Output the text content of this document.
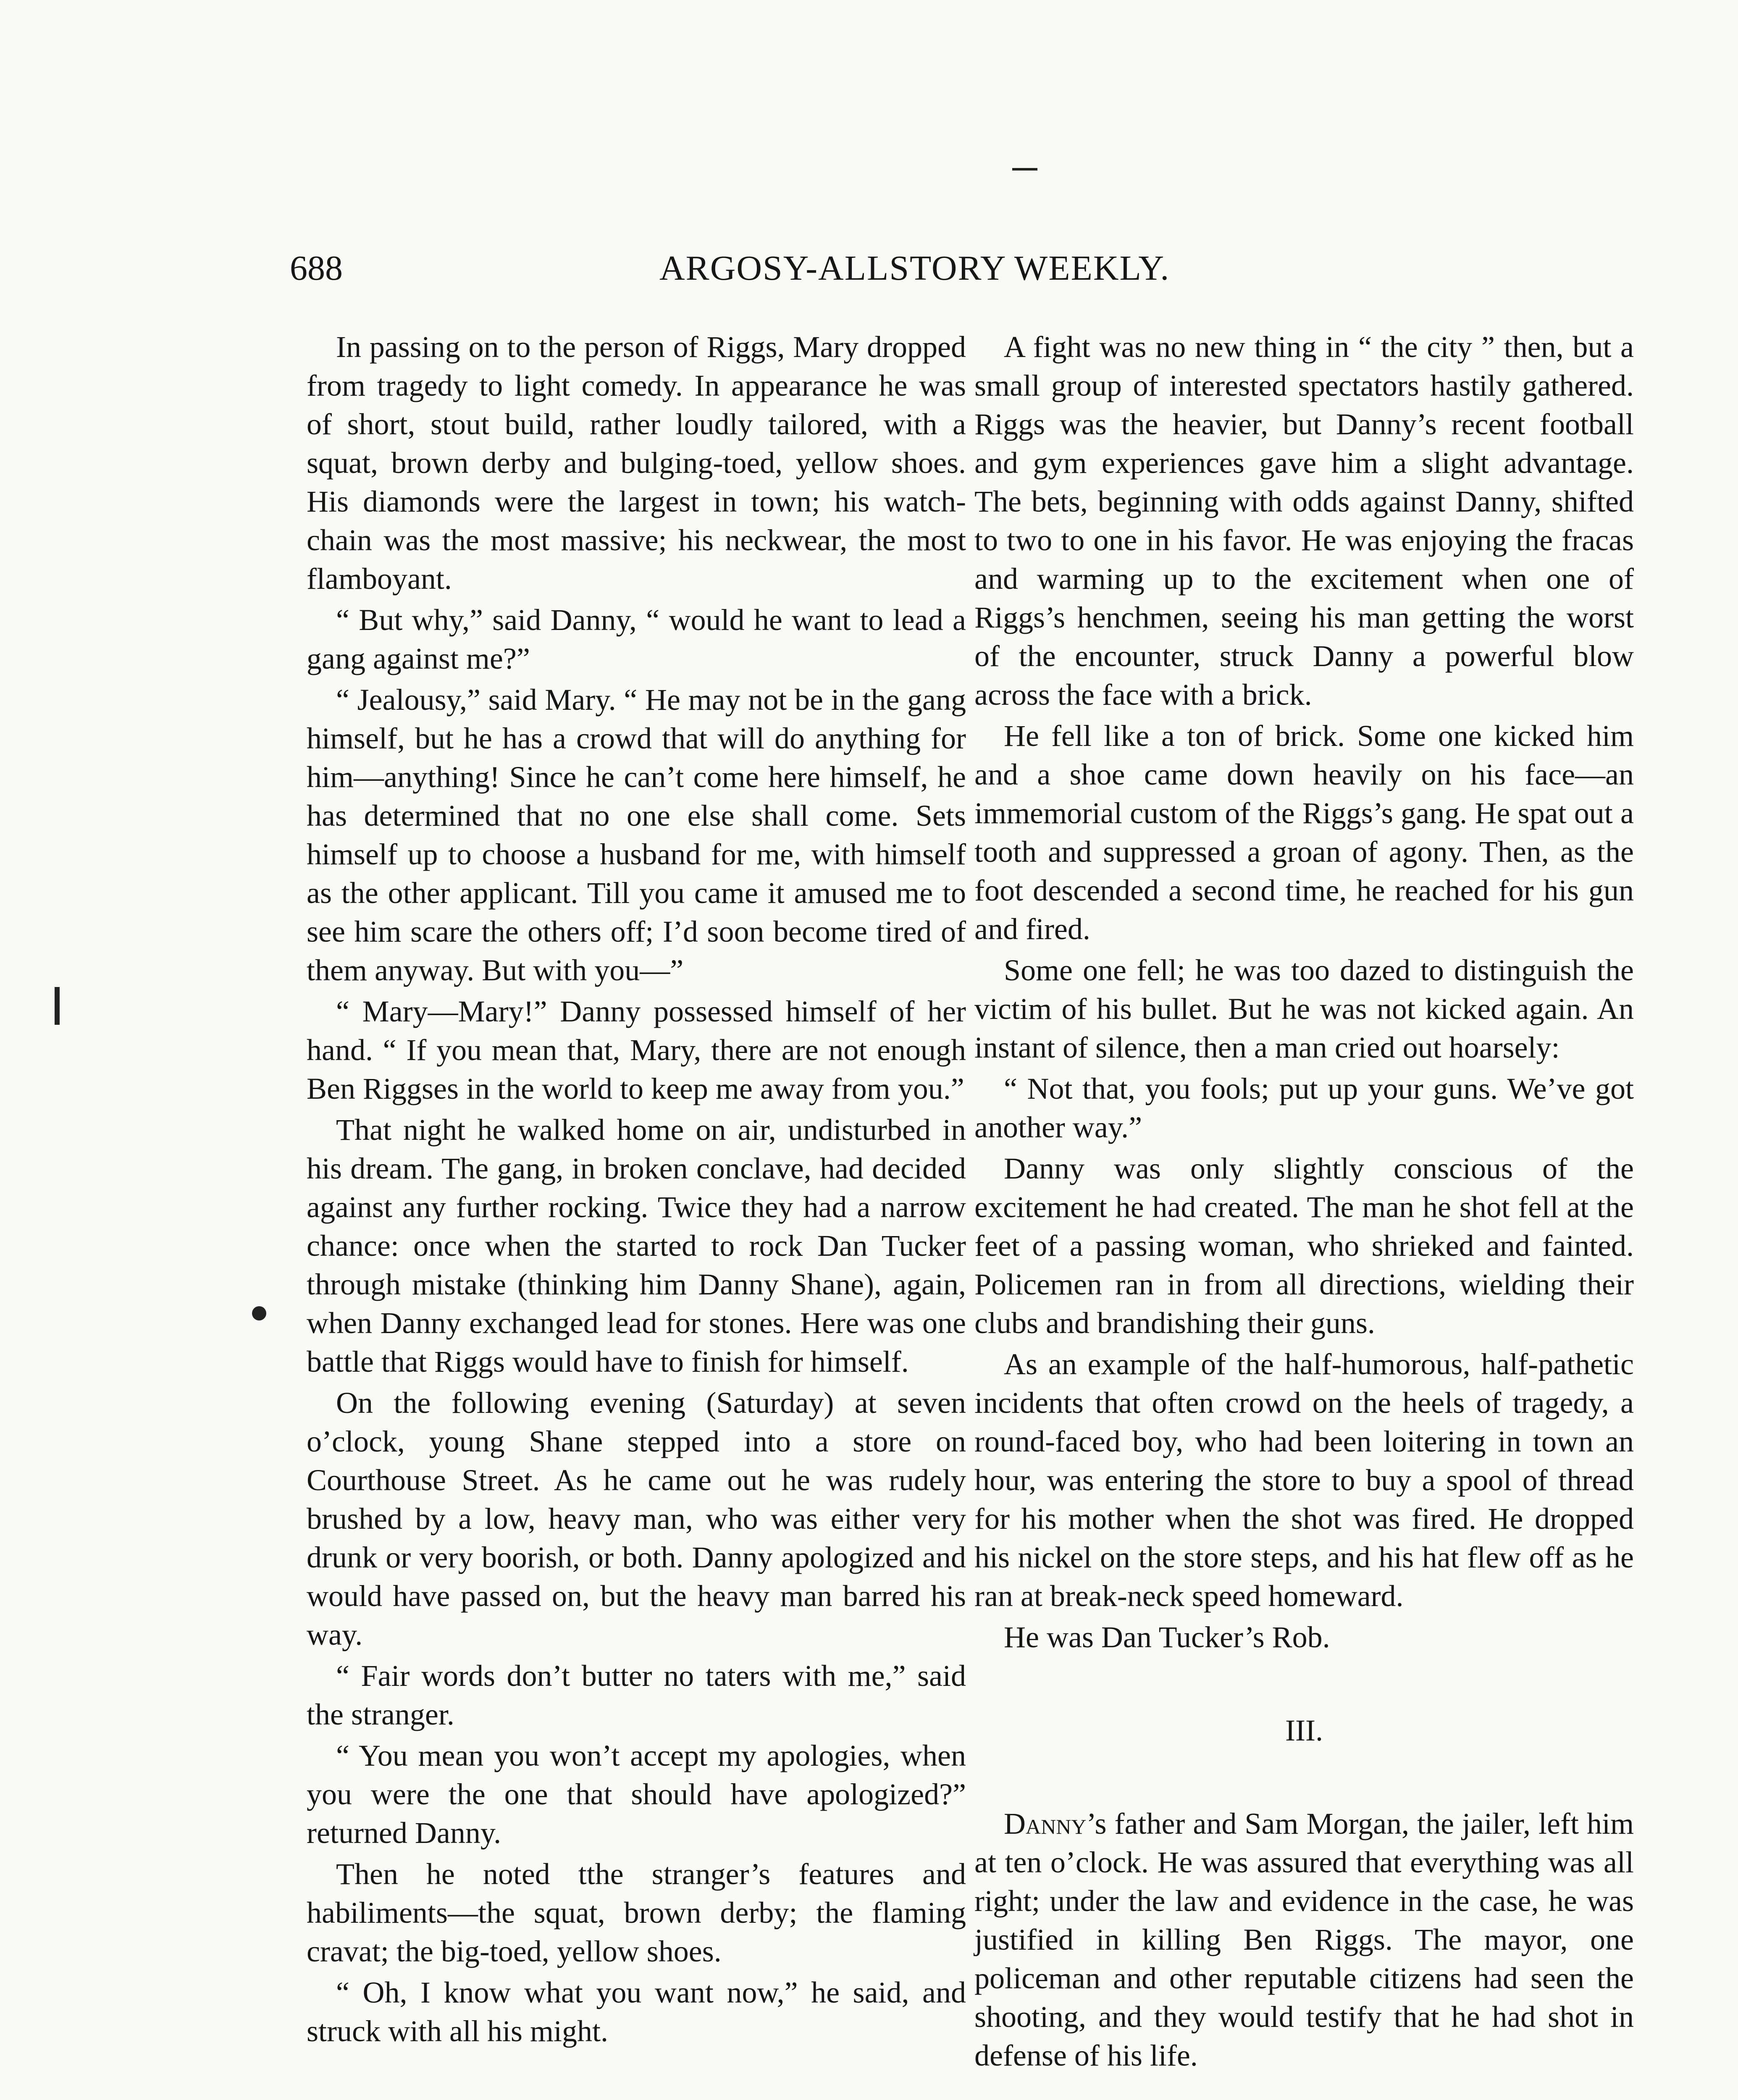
688	ARGOSY-ALLSTORY WEEKLY.

In passing on to the person of Riggs, Mary dropped from tragedy to light comedy. In appearance he was of short, stout build, rather loudly tailored, with a squat, brown derby and bulging-toed, yellow shoes. His diamonds were the largest in town; his watch-chain was the most massive; his neckwear, the most flamboyant.

“ But why,” said Danny, “ would he want to lead a gang against me?”

“ Jealousy,” said Mary. “ He may not be in the gang himself, but he has a crowd that will do anything for him—anything! Since he can’t come here himself, he has determined that no one else shall come. Sets himself up to choose a husband for me, with himself as the other applicant. Till you came it amused me to see him scare the others off; I’d soon become tired of them anyway. But with you—”

“ Mary—Mary!” Danny possessed himself of her hand. “ If you mean that, Mary, there are not enough Ben Riggses in the world to keep me away from you.”

That night he walked home on air, undisturbed in his dream. The gang, in broken conclave, had decided against any further rocking. Twice they had a narrow chance: once when the started to rock Dan Tucker through mistake (thinking him Danny Shane), again, when Danny exchanged lead for stones. Here was one battle that Riggs would have to finish for himself.

On the following evening (Saturday) at seven o’clock, young Shane stepped into a store on Courthouse Street. As he came out he was rudely brushed by a low, heavy man, who was either very drunk or very boorish, or both. Danny apologized and would have passed on, but the heavy man barred his way.

“ Fair words don’t butter no taters with me,” said the stranger.

“ You mean you won’t accept my apologies, when you were the one that should have apologized?” returned Danny.

Then he noted tthe stranger’s features and habiliments—the squat, brown derby; the flaming cravat; the big-toed, yellow shoes.

“ Oh, I know what you want now,” he said, and struck with all his might.

A fight was no new thing in “ the city ” then, but a small group of interested spectators hastily gathered. Riggs was the heavier, but Danny’s recent football and gym experiences gave him a slight advantage. The bets, beginning with odds against Danny, shifted to two to one in his favor. He was enjoying the fracas and warming up to the excitement when one of Riggs’s henchmen, seeing his man getting the worst of the encounter, struck Danny a powerful blow across the face with a brick.

He fell like a ton of brick. Some one kicked him and a shoe came down heavily on his face—an immemorial custom of the Riggs’s gang. He spat out a tooth and suppressed a groan of agony. Then, as the foot descended a second time, he reached for his gun and fired.

Some one fell; he was too dazed to distinguish the victim of his bullet. But he was not kicked again. An instant of silence, then a man cried out hoarsely:

“ Not that, you fools; put up your guns. We’ve got another way.”

Danny was only slightly conscious of the excitement he had created. The man he shot fell at the feet of a passing woman, who shrieked and fainted. Policemen ran in from all directions, wielding their clubs and brandishing their guns.

As an example of the half-humorous, half-pathetic incidents that often crowd on the heels of tragedy, a round-faced boy, who had been loitering in town an hour, was entering the store to buy a spool of thread for his mother when the shot was fired. He dropped his nickel on the store steps, and his hat flew off as he ran at break-neck speed homeward.

He was Dan Tucker’s Rob.

III.

Danny’s father and Sam Morgan, the jailer, left him at ten o’clock. He was assured that everything was all right; under the law and evidence in the case, he was justified in killing Ben Riggs. The mayor, one policeman and other reputable citizens had seen the shooting, and they would testify that he had shot in defense of his life.
